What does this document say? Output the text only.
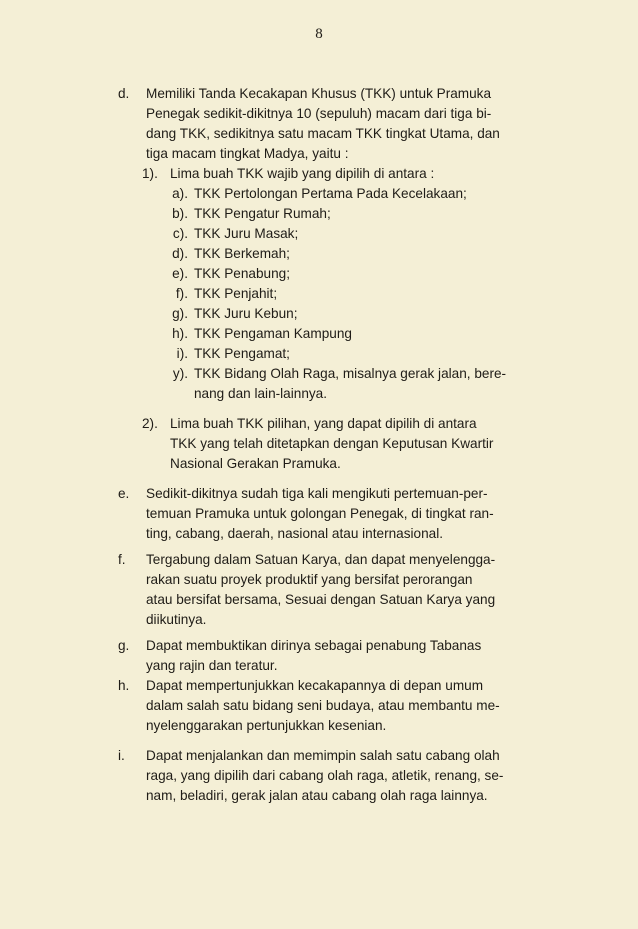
8
d.	Memiliki Tanda Kecakapan Khusus (TKK) untuk Pramuka
Penegak sedikit-dikitnya 10 (sepuluh) macam dari tiga bi-
dang TKK, sedikitnya satu macam TKK tingkat Utama, dan
tiga macam tingkat Madya, yaitu :
1). Lima buah TKK wajib yang dipilih di antara :
a). TKK Pertolongan Pertama Pada Kecelakaan;
b). TKK Pengatur Rumah;
c). TKK Juru Masak;
d). TKK Berkemah;
e). TKK Penabung;
f). TKK Penjahit;
g). TKK Juru Kebun;
h). TKK Pengaman Kampung
i). TKK Pengamat;
y). TKK Bidang Olah Raga, misalnya gerak jalan, bere-
nang dan lain-lainnya.
2). Lima buah TKK pilihan, yang dapat dipilih di antara
TKK yang telah ditetapkan dengan Keputusan Kwartir
Nasional Gerakan Pramuka.
e.	Sedikit-dikitnya sudah tiga kali mengikuti pertemuan-per-
temuan Pramuka untuk golongan Penegak, di tingkat ran-
ting, cabang, daerah, nasional atau internasional.
f.	Tergabung dalam Satuan Karya, dan dapat menyelengga-
rakan suatu proyek produktif yang bersifat perorangan
atau bersifat bersama, Sesuai dengan Satuan Karya yang
diikutinya.
g.	Dapat membuktikan dirinya sebagai penabung Tabanas
yang rajin dan teratur.
h.	Dapat mempertunjukkan kecakapannya di depan umum
dalam salah satu bidang seni budaya, atau membantu me-
nyelenggarakan pertunjukkan kesenian.
i.	Dapat menjalankan dan memimpin salah satu cabang olah
raga, yang dipilih dari cabang olah raga, atletik, renang, se-
nam, beladiri, gerak jalan atau cabang olah raga lainnya.
